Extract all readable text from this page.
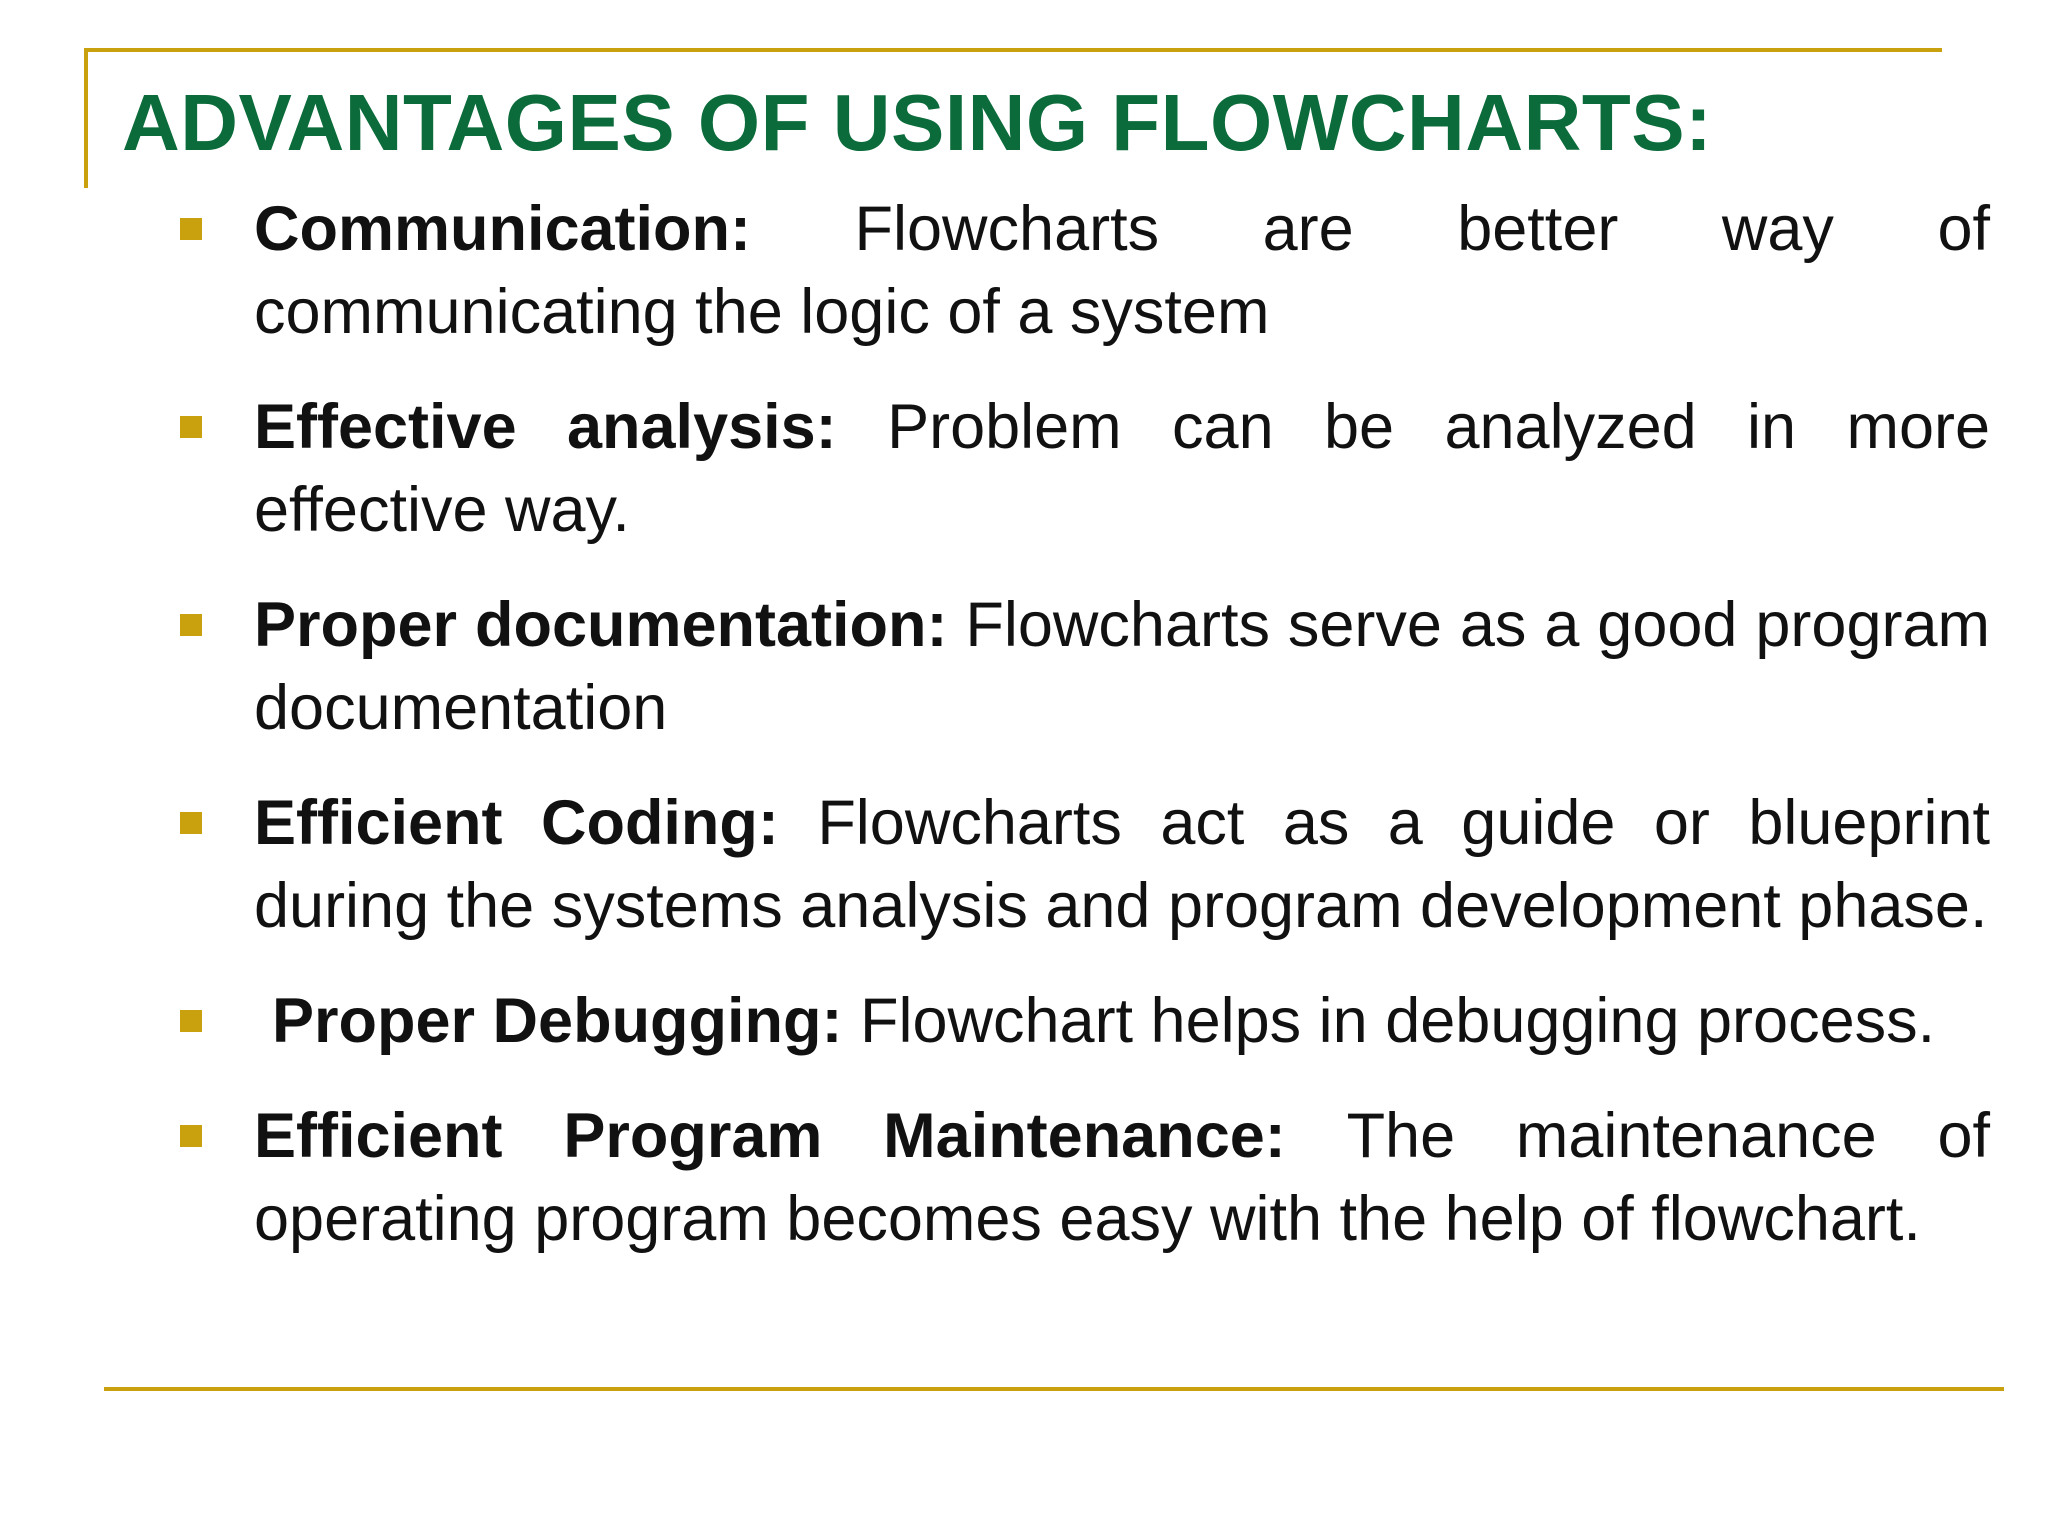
ADVANTAGES OF USING FLOWCHARTS:
Communication: Flowcharts are better way of communicating the logic of a system
Effective analysis: Problem can be analyzed in more effective way.
Proper documentation: Flowcharts serve as a good program documentation
Efficient Coding: Flowcharts act as a guide or blueprint during the systems analysis and program development phase.
Proper Debugging: Flowchart helps in debugging process.
Efficient Program Maintenance: The maintenance of operating program becomes easy with the help of flowchart.
